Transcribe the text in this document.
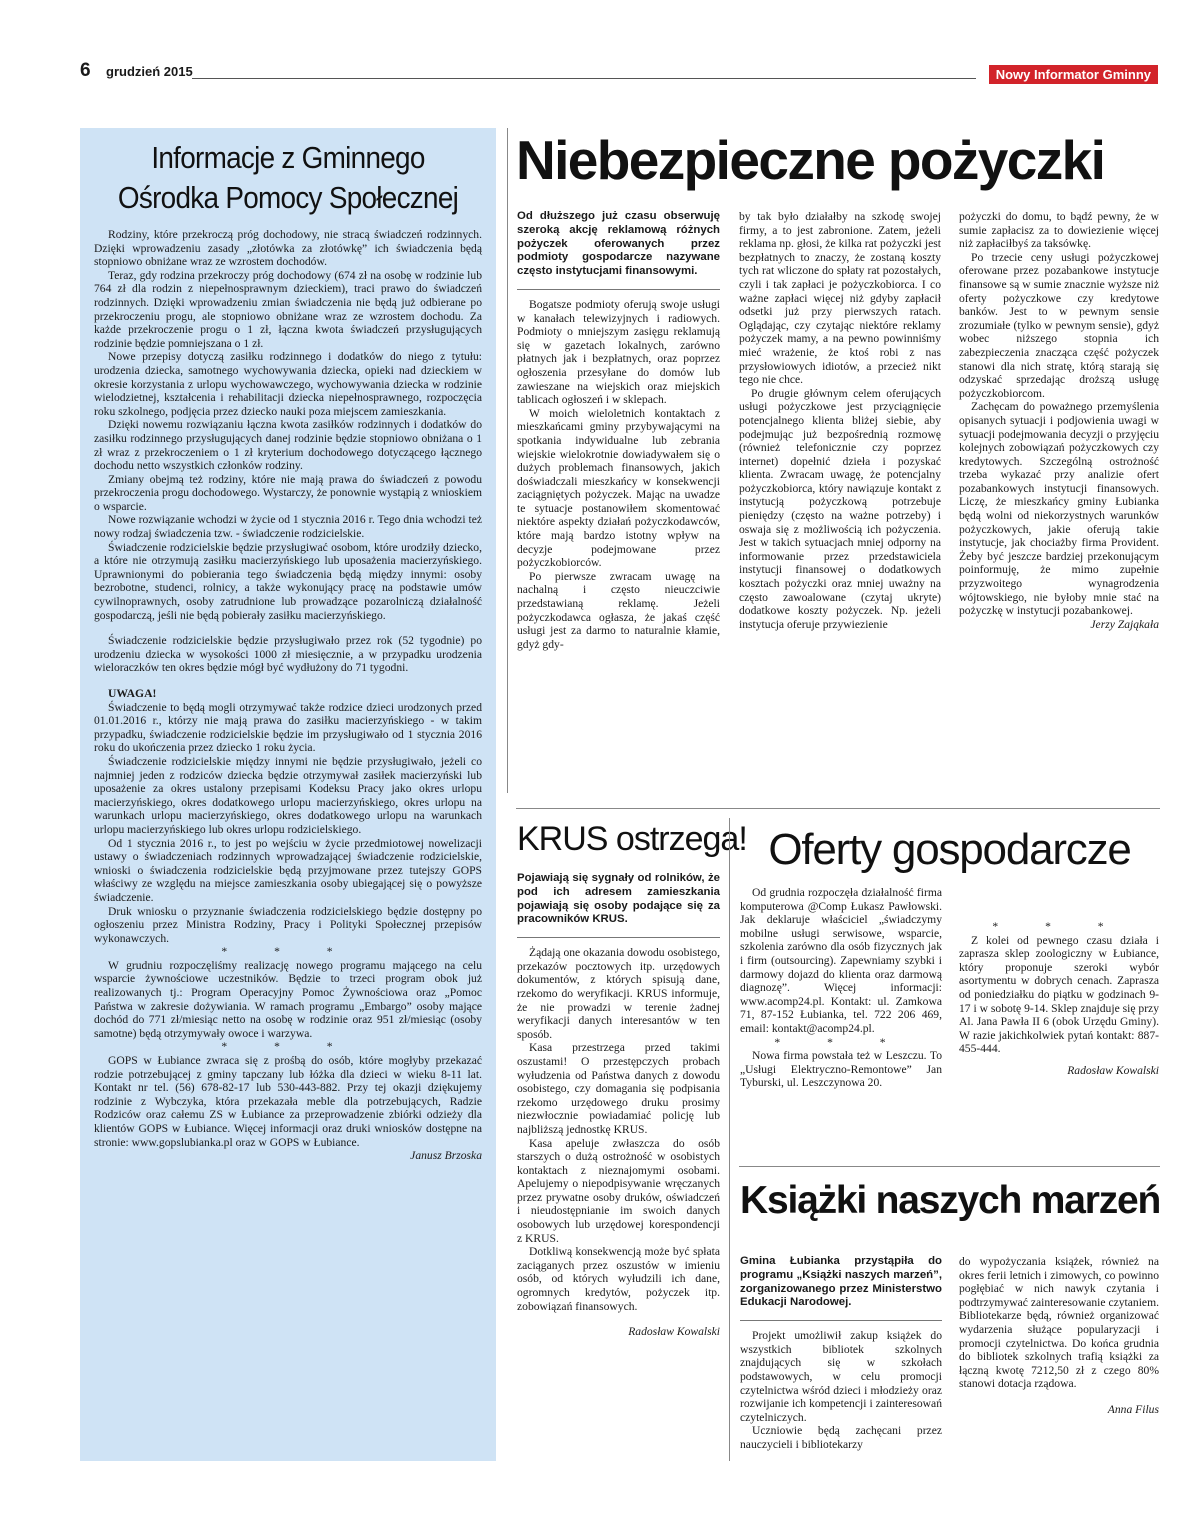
6 grudzień 2015	Nowy Informator Gminny
Informacje z Gminnego
Ośrodka Pomocy Społecznej

Rodziny, które przekroczą próg dochodowy, nie stracą świadczeń rodzinnych. Dzięki wprowadzeniu zasady „złotówka za złotówkę” ich świadczenia będą stopniowo obniżane wraz ze wzrostem dochodów.

Teraz, gdy rodzina przekroczy próg dochodowy (674 zł na osobę w rodzinie lub 764 zł dla rodzin z niepełnosprawnym dzieckiem), traci prawo do świadczeń rodzinnych. Dzięki wprowadzeniu zmian świadczenia nie będą już odbierane po przekroczeniu progu, ale stopniowo obniżane wraz ze wzrostem dochodu. Za każde przekroczenie progu o 1 zł, łączna kwota świadczeń przysługujących rodzinie będzie pomniejszana o 1 zł.

Nowe przepisy dotyczą zasiłku rodzinnego i dodatków do niego z tytułu: urodzenia dziecka, samotnego wychowywania dziecka, opieki nad dzieckiem w okresie korzystania z urlopu wychowawczego, wychowywania dziecka w rodzinie wielodzietnej, kształcenia i rehabilitacji dziecka niepełnosprawnego, rozpoczęcia roku szkolnego, podjęcia przez dziecko nauki poza miejscem zamieszkania.

Dzięki nowemu rozwiązaniu łączna kwota zasiłków rodzinnych i dodatków do zasiłku rodzinnego przysługujących danej rodzinie będzie stopniowo obniżana o 1 zł wraz z przekroczeniem o 1 zł kryterium dochodowego dotyczącego łącznego dochodu netto wszystkich członków rodziny.

Zmiany obejmą też rodziny, które nie mają prawa do świadczeń z powodu przekroczenia progu dochodowego. Wystarczy, że ponownie wystąpią z wnioskiem o wsparcie.

Nowe rozwiązanie wchodzi w życie od 1 stycznia 2016 r. Tego dnia wchodzi też nowy rodzaj świadczenia tzw. - świadczenie rodzicielskie.

Świadczenie rodzicielskie będzie przysługiwać osobom, które urodziły dziecko, a które nie otrzymują zasiłku macierzyńskiego lub uposażenia macierzyńskiego. Uprawnionymi do pobierania tego świadczenia będą między innymi: osoby bezrobotne, studenci, rolnicy, a także wykonujący pracę na podstawie umów cywilnoprawnych, osoby zatrudnione lub prowadzące pozarolniczą działalność gospodarczą, jeśli nie będą pobierały zasiłku macierzyńskiego.

Świadczenie rodzicielskie będzie przysługiwało przez rok (52 tygodnie) po urodzeniu dziecka w wysokości 1000 zł miesięcznie, a w przypadku urodzenia wieloraczków ten okres będzie mógł być wydłużony do 71 tygodni.

UWAGA!

Świadczenie to będą mogli otrzymywać także rodzice dzieci urodzonych przed 01.01.2016 r., którzy nie mają prawa do zasiłku macierzyńskiego - w takim przypadku, świadczenie rodzicielskie będzie im przysługiwało od 1 stycznia 2016 roku do ukończenia przez dziecko 1 roku życia.

Świadczenie rodzicielskie między innymi nie będzie przysługiwało, jeżeli co najmniej jeden z rodziców dziecka będzie otrzymywał zasiłek macierzyński lub uposażenie za okres ustalony przepisami Kodeksu Pracy jako okres urlopu macierzyńskiego, okres dodatkowego urlopu macierzyńskiego, okres urlopu na warunkach urlopu macierzyńskiego, okres dodatkowego urlopu na warunkach urlopu macierzyńskiego lub okres urlopu rodzicielskiego.

Od 1 stycznia 2016 r., to jest po wejściu w życie przedmiotowej nowelizacji ustawy o świadczeniach rodzinnych wprowadzającej świadczenie rodzicielskie, wnioski o świadczenia rodzicielskie będą przyjmowane przez tutejszy GOPS właściwy ze względu na miejsce zamieszkania osoby ubiegającej się o powyższe świadczenie.

Druk wniosku o przyznanie świadczenia rodzicielskiego będzie dostępny po ogłoszeniu przez Ministra Rodziny, Pracy i Polityki Społecznej przepisów wykonawczych.

* * *

W grudniu rozpoczęliśmy realizację nowego programu mającego na celu wsparcie żywnościowe uczestników. Będzie to trzeci program obok już realizowanych tj.: Program Operacyjny Pomoc Żywnościowa oraz „Pomoc Państwa w zakresie dożywiania. W ramach programu „Embargo” osoby mające dochód do 771 zł/miesiąc netto na osobę w rodzinie oraz 951 zł/miesiąc (osoby samotne) będą otrzymywały owoce i warzywa.

* * *

GOPS w Łubiance zwraca się z prośbą do osób, które mogłyby przekazać rodzie potrzebującej z gminy tapczany lub łóżka dla dzieci w wieku 8-11 lat. Kontakt nr tel. (56) 678-82-17 lub 530-443-882. Przy tej okazji dziękujemy rodzinie z Wybczyka, która przekazała meble dla potrzebujących, Radzie Rodziców oraz całemu ZS w Łubiance za przeprowadzenie zbiórki odzieży dla klientów GOPS w Łubiance. Więcej informacji oraz druki wniosków dostępne na stronie: www.gopslubianka.pl oraz w GOPS w Łubiance.

Janusz Brzoska

Niebezpieczne pożyczki

Od dłuższego już czasu obserwuję szeroką akcję reklamową różnych pożyczek oferowanych przez podmioty gospodarcze nazywane często instytucjami finansowymi.

Bogatsze podmioty oferują swoje usługi w kanałach telewizyjnych i radiowych. Podmioty o mniejszym zasięgu reklamują się w gazetach lokalnych, zarówno płatnych jak i bezpłatnych, oraz poprzez ogłoszenia przesyłane do domów lub zawieszane na wiejskich oraz miejskich tablicach ogłoszeń i w sklepach.

W moich wieloletnich kontaktach z mieszkańcami gminy przybywającymi na spotkania indywidualne lub zebrania wiejskie wielokrotnie dowiadywałem się o dużych problemach finansowych, jakich doświadczali mieszkańcy w konsekwencji zaciągniętych pożyczek. Mając na uwadze te sytuacje postanowiłem skomentować niektóre aspekty działań pożyczkodawców, które mają bardzo istotny wpływ na decyzje podejmowane przez pożyczkobiorców.

Po pierwsze zwracam uwagę na nachalną i często nieuczciwie przedstawianą reklamę. Jeżeli pożyczkodawca ogłasza, że jakaś część usługi jest za darmo to naturalnie kłamie, gdyż gdy-

by tak było działałby na szkodę swojej firmy, a to jest zabronione. Zatem, jeżeli reklama np. głosi, że kilka rat pożyczki jest bezpłatnych to znaczy, że zostaną koszty tych rat wliczone do spłaty rat pozostałych, czyli i tak zapłaci je pożyczkobiorca. I co ważne zapłaci więcej niż gdyby zapłacił odsetki już przy pierwszych ratach. Oglądając, czy czytając niektóre reklamy pożyczek mamy, a na pewno powinniśmy mieć wrażenie, że ktoś robi z nas przysłowiowych idiotów, a przecież nikt tego nie chce.

Po drugie głównym celem oferujących usługi pożyczkowe jest przyciągnięcie potencjalnego klienta bliżej siebie, aby podejmując już bezpośrednią rozmowę (również telefonicznie czy poprzez internet) dopełnić dzieła i pozyskać klienta. Zwracam uwagę, że potencjalny pożyczkobiorca, który nawiązuje kontakt z instytucją pożyczkową potrzebuje pieniędzy (często na ważne potrzeby) i oswaja się z możliwością ich pożyczenia. Jest w takich sytuacjach mniej odporny na informowanie przez przedstawiciela instytucji finansowej o dodatkowych kosztach pożyczki oraz mniej uważny na często zawoalowane (czytaj ukryte) dodatkowe koszty pożyczek. Np. jeżeli instytucja oferuje przywiezienie

pożyczki do domu, to bądź pewny, że w sumie zapłacisz za to dowiezienie więcej niż zapłaciłbyś za taksówkę.

Po trzecie ceny usługi pożyczkowej oferowane przez pozabankowe instytucje finansowe są w sumie znacznie wyższe niż oferty pożyczkowe czy kredytowe banków. Jest to w pewnym sensie zrozumiałe (tylko w pewnym sensie), gdyż wobec niższego stopnia ich zabezpieczenia znacząca część pożyczek stanowi dla nich stratę, którą starają się odzyskać sprzedając droższą usługę pożyczkobiorcom.

Zachęcam do poważnego przemyślenia opisanych sytuacji i podjowienia uwagi w sytuacji podejmowania decyzji o przyjęciu kolejnych zobowiązań pożyczkowych czy kredytowych. Szczególną ostrożność trzeba wykazać przy analizie ofert pozabankowych instytucji finansowych. Liczę, że mieszkańcy gminy Łubianka będą wolni od niekorzystnych warunków pożyczkowych, jakie oferują takie instytucje, jak chociażby firma Provident. Żeby być jeszcze bardziej przekonującym poinformuję, że mimo zupełnie przyzwoitego wynagrodzenia wójtowskiego, nie byłoby mnie stać na pożyczkę w instytucji pozabankowej.

Jerzy Zająkała

KRUS ostrzega!

Pojawiają się sygnały od rolników, że pod ich adresem zamieszkania pojawiają się osoby podające się za pracowników KRUS.

Żądają one okazania dowodu osobistego, przekazów pocztowych itp. urzędowych dokumentów, z których spisują dane, rzekomo do weryfikacji. KRUS informuje, że nie prowadzi w terenie żadnej weryfikacji danych interesantów w ten sposób.

Kasa przestrzega przed takimi oszustami! O przestępczych probach wyłudzenia od Państwa danych z dowodu osobistego, czy domagania się podpisania rzekomo urzędowego druku prosimy niezwłocznie powiadamiać policję lub najbliższą jednostkę KRUS.

Kasa apeluje zwłaszcza do osób starszych o dużą ostrożność w osobistych kontaktach z nieznajomymi osobami. Apelujemy o niepodpisywanie wręczanych przez prywatne osoby druków, oświadczeń i nieudostępnianie im swoich danych osobowych lub urzędowej korespondencji z KRUS.

Dotkliwą konsekwencją może być spłata zaciąganych przez oszustów w imieniu osób, od których wyłudzili ich dane, ogromnych kredytów, pożyczek itp. zobowiązań finansowych.

Radosław Kowalski

Oferty gospodarcze

Od grudnia rozpoczęła działalność firma komputerowa @Comp Łukasz Pawłowski. Jak deklaruje właściciel „świadczymy mobilne usługi serwisowe, wsparcie, szkolenia zarówno dla osób fizycznych jak i firm (outsourcing). Zapewniamy szybki i darmowy dojazd do klienta oraz darmową diagnozę”. Więcej informacji: www.acomp24.pl. Kontakt: ul. Zamkowa 71, 87-152 Łubianka, tel. 722 206 469, email: kontakt@acomp24.pl.

* * *

Nowa firma powstała też w Leszczu. To „Usługi Elektryczno-Remontowe” Jan Tyburski, ul. Leszczynowa 20.

* * *

Z kolei od pewnego czasu działa i zaprasza sklep zoologiczny w Łubiance, który proponuje szeroki wybór asortymentu w dobrych cenach. Zaprasza od poniedziałku do piątku w godzinach 9-17 i w sobotę 9-14. Sklep znajduje się przy Al. Jana Pawła II 6 (obok Urzędu Gminy). W razie jakichkolwiek pytań kontakt: 887-455-444.

Radosław Kowalski

Książki naszych marzeń

Gmina Łubianka przystąpiła do programu „Książki naszych marzeń”, zorganizowanego przez Ministerstwo Edukacji Narodowej.

Projekt umożliwił zakup książek do wszystkich bibliotek szkolnych znajdujących się w szkołach podstawowych, w celu promocji czytelnictwa wśród dzieci i młodzieży oraz rozwijanie ich kompetencji i zainteresowań czytelniczych.

Uczniowie będą zachęcani przez nauczycieli i bibliotekarzy

do wypożyczania książek, również na okres ferii letnich i zimowych, co powinno pogłębiać w nich nawyk czytania i podtrzymywać zainteresowanie czytaniem. Bibliotekarze będą, również organizować wydarzenia służące popularyzacji i promocji czytelnictwa. Do końca grudnia do bibliotek szkolnych trafią książki za łączną kwotę 7212,50 zł z czego 80% stanowi dotacja rządowa.

Anna Filus
